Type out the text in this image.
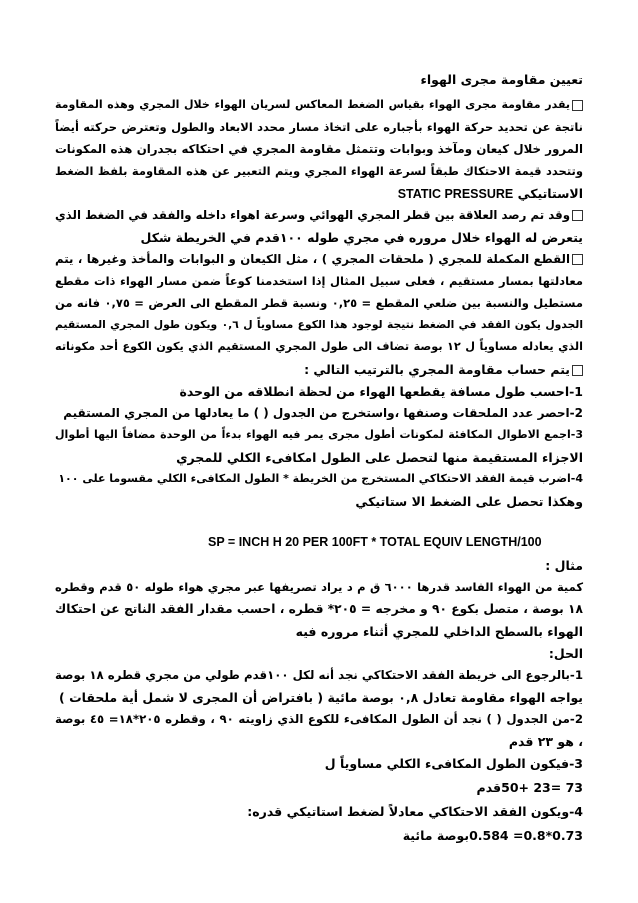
تعيين مقاومة مجرى الهواء
يقدر مقاومة مجرى الهواء بقياس الضغط المعاكس لسريان الهواء خلال المجري وهذه المقاومة
ناتجة عن تحديد حركة الهواء بأجباره على اتخاذ مسار محدد الابعاد والطول وتعترض حركته أيضاً
المرور خلال كيعان ومآخذ وبوابات وتتمثل مقاومة المجري في احتكاكه بجدران هذه المكونات
وتتحدد قيمة الاحتكاك طبقاً لسرعة الهواء المجري ويتم التعبير عن هذه المقاومة بلفظ الضغط
الاستاتيكي STATIC PRESSURE
وقد تم رصد العلاقة بين قطر المجري الهوائي وسرعة اهواء داخله والفقد في الضغط الذي
يتعرض له الهواء خلال مروره في مجري طوله ١٠٠قدم في الخريطة شكل
القطع المكملة للمجري ( ملحقات المجري ) ، مثل الكيعان و البوابات والمأخذ وغيرها ، يتم
معادلتها بمسار مستقيم ، فعلى سبيل المثال إذا استخدمنا كوعاً ضمن مسار الهواء ذات مقطع
مستطيل والنسبة بين ضلعي المقطع = ٠,٢٥ ونسبة قطر المقطع الى العرض = ٠,٧٥ فانه من
الجدول يكون الفقد في الضغط نتيجة لوجود هذا الكوع مساوياً ل ٠,٦ ويكون طول المجري المستقيم
الذي يعادله مساوياً ل ١٢ بوصة تضاف الى طول المجري المستقيم الذي يكون الكوع أحد مكوناته
يتم حساب مقاومة المجري بالترتيب التالي :
1-احسب طول مسافة يقطعها الهواء من لحظة انطلاقه من الوحدة
2-احصر عدد الملحقات وصنفها ،واستخرج من الجدول ( ) ما يعادلها من المجري المستقيم
3-اجمع الاطوال المكافئة لمكونات أطول مجرى يمر فيه الهواء بدءاً من الوحدة مضافاً اليها أطوال
الاجزاء المستقيمة منها لتحصل على الطول امكافىء الكلي للمجري
4-اضرب قيمة الفقد الاحتكاكي المستخرج من الخريطة * الطول المكافىء الكلي مقسوما على ١٠٠
وهكذا تحصل على الضغط الا ستاتيكي
SP = INCH H 20 PER 100FT * TOTAL EQUIV LENGTH/100
مثال :
كمية من الهواء الفاسد قدرها ٦٠٠٠ ق م د يراد تصريفها عبر مجري هواء طوله ٥٠ قدم وقطره
١٨ بوصة ، متصل بكوع ٩٠ و مخرجه = ٢٠٥* قطره ، احسب مقدار الفقد الناتج عن احتكاك
الهواء بالسطح الداخلي للمجري أثناء مروره فيه
الحل:
1-بالرجوع الى خريطة الفقد الاحتكاكي نجد أنه لكل ١٠٠قدم طولي من مجري قطره ١٨ بوصة
يواجه الهواء مقاومة تعادل ٠,٨ بوصة مائية ( بافتراض أن المجرى لا شمل أية ملحقات )
2-من الجدول ( ) نجد أن الطول المكافىء للكوع الذي زاويته ٩٠ ، وقطره ٢٠٥*١٨= ٤٥ بوصة
، هو ٢٣ قدم
3-فيكون الطول المكافىء الكلي مساوياً ل
73 =23 +50قدم
4-ويكون الفقد الاحتكاكي معادلاً لضغط استاتيكي قدره:
0.73*0.8= 0.584بوصة مائية
